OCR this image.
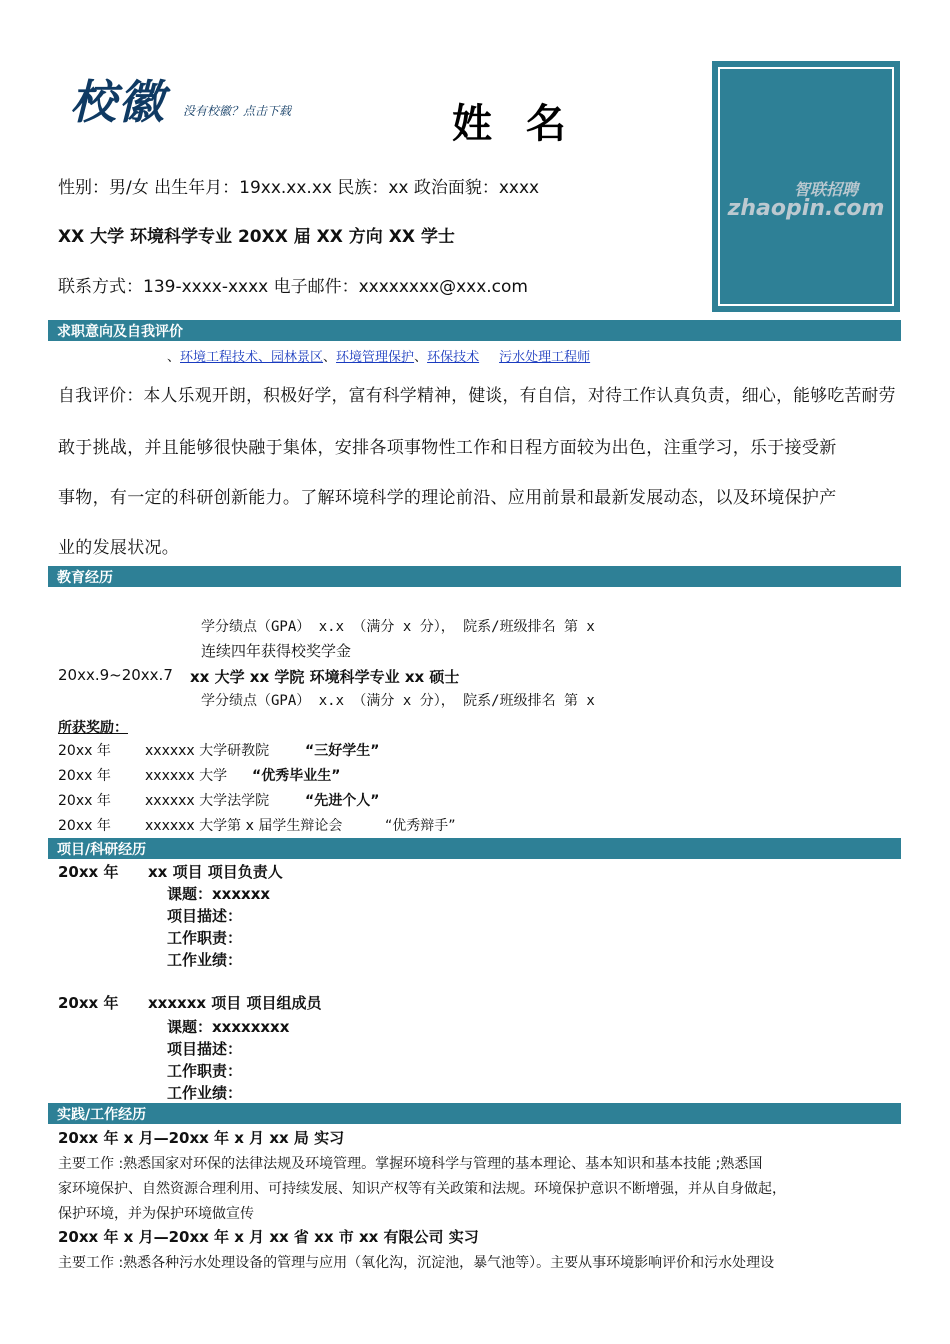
校徽 没有校徽？点击下载	姓 名
性别：男/女 出生年月：19xx.xx.xx 民族：xx 政治面貌：xxxx
XX 大学 环境科学专业 20XX 届 XX 方向 XX 学士
联系方式：139-xxxx-xxxx 电子邮件：xxxxxxxx@xxx.com
智联招聘
zhaopin.com
求职意向及自我评价
、环境工程技术、园林景区、环境管理保护、环保技术 污水处理工程师
自我评价：本人乐观开朗，积极好学，富有科学精神，健谈，有自信，对待工作认真负责，细心，能够吃苦耐劳
敢于挑战，并且能够很快融于集体，安排各项事物性工作和日程方面较为出色，注重学习，乐于接受新
事物，有一定的科研创新能力。了解环境科学的理论前沿、应用前景和最新发展动态，以及环境保护产
业的发展状况。
教育经历
学分绩点（GPA） x.x （满分 x 分）， 院系/班级排名 第 x
连续四年获得校奖学金
20xx.9~20xx.7 xx 大学 xx 学院 环境科学专业 xx 硕士
学分绩点（GPA） x.x （满分 x 分）， 院系/班级排名 第 x
所获奖励：
20xx 年 xxxxxx 大学研教院	“三好学生”
20xx 年 xxxxxx 大学 “优秀毕业生”
20xx 年 xxxxxx 大学法学院	“先进个人”
20xx 年 xxxxxx 大学第 x 届学生辩论会	“优秀辩手”
项目/科研经历
20xx 年 xx 项目 项目负责人
课题：xxxxxx
项目描述：
工作职责：
工作业绩：
20xx 年 xxxxxx 项目 项目组成员
课题：xxxxxxxx
项目描述：
工作职责：
工作业绩：
实践/工作经历
20xx 年 x 月—20xx 年 x 月 xx 局 实习
主要工作 :熟悉国家对环保的法律法规及环境管理。掌握环境科学与管理的基本理论、基本知识和基本技能 ;熟悉国
家环境保护、自然资源合理利用、可持续发展、知识产权等有关政策和法规。环境保护意识不断增强，并从自身做起，
保护环境，并为保护环境做宣传
20xx 年 x 月—20xx 年 x 月 xx 省 xx 市 xx 有限公司 实习
主要工作 :熟悉各种污水处理设备的管理与应用（氧化沟，沉淀池，暴气池等）。主要从事环境影响评价和污水处理设
